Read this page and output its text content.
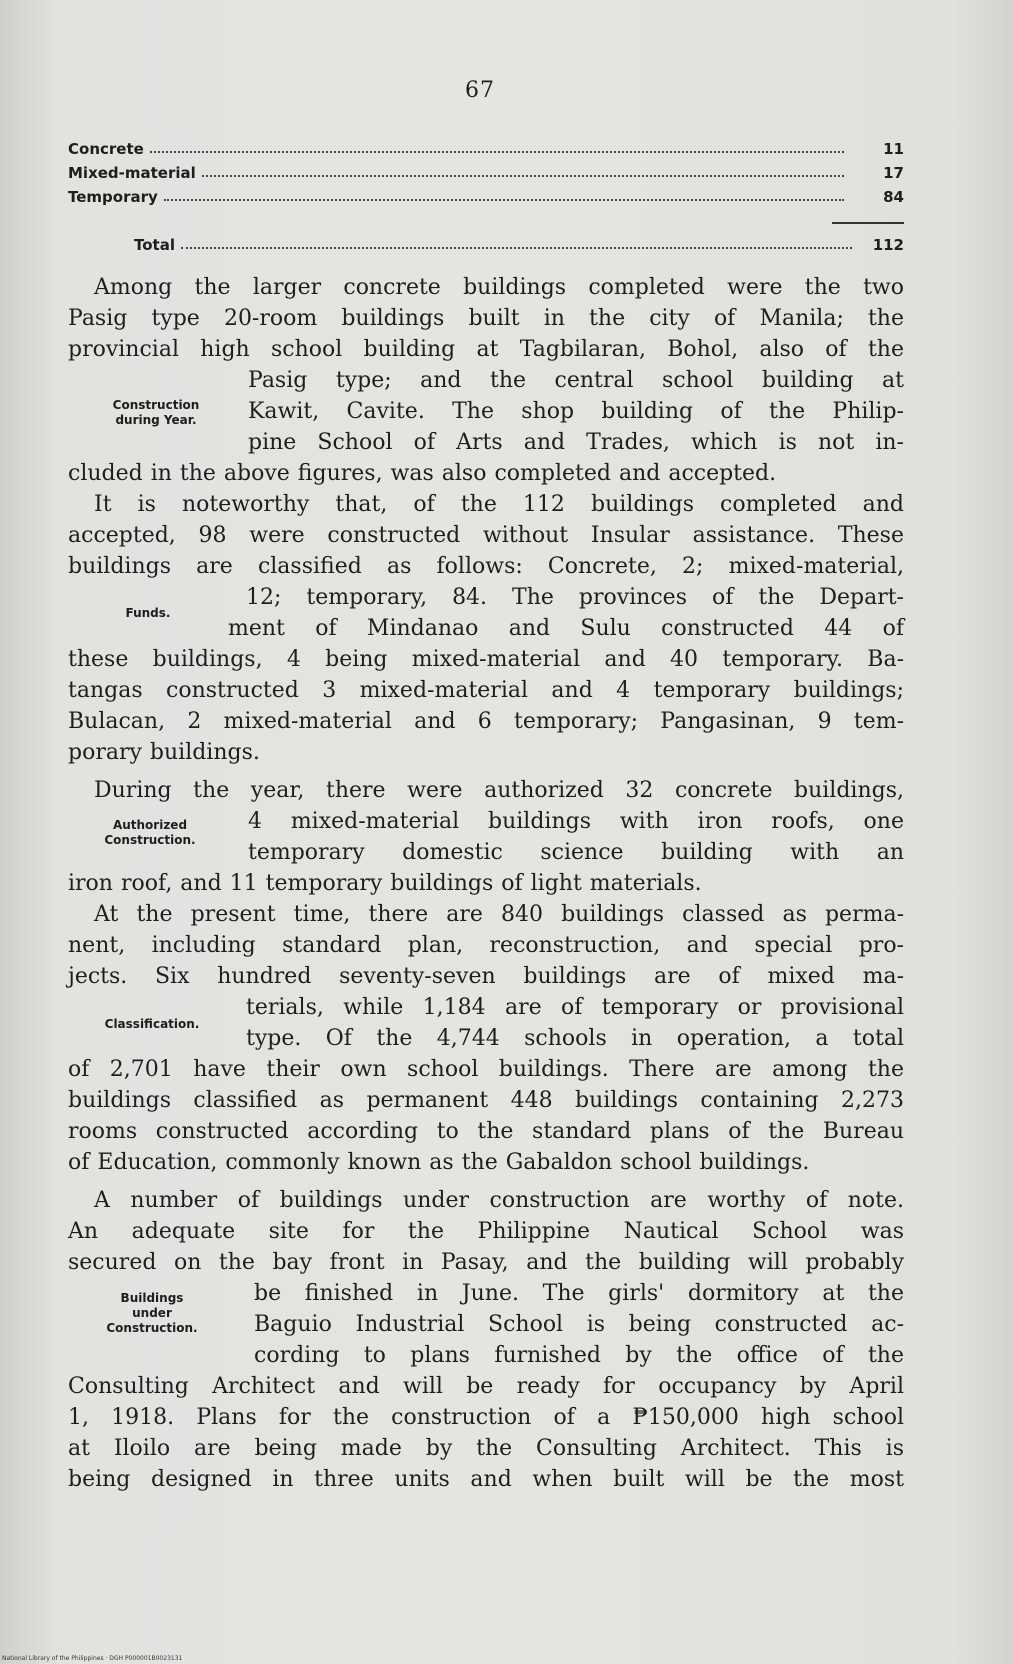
67
Concrete	11
Mixed-material	17
Temporary	84
Total	112

Among the larger concrete buildings completed were the two
Pasig type 20-room buildings built in the city of Manila; the
provincial high school building at Tagbilaran, Bohol, also of the
Pasig type; and the central school building at
Kawit, Cavite. The shop building of the Philip-
pine School of Arts and Trades, which is not in-
cluded in the above figures, was also completed and accepted.

Construction
during Year.
It is noteworthy that, of the 112 buildings completed and
accepted, 98 were constructed without Insular assistance. These
buildings are classified as follows: Concrete, 2; mixed-material,
12; temporary, 84. The provinces of the Depart-
ment of Mindanao and Sulu constructed 44 of
these buildings, 4 being mixed-material and 40 temporary. Ba-
tangas constructed 3 mixed-material and 4 temporary buildings;
Bulacan, 2 mixed-material and 6 temporary; Pangasinan, 9 tem-
porary buildings.
Funds.
During the year, there were authorized 32 concrete buildings,
4 mixed-material buildings with iron roofs, one
temporary domestic science building with an
iron roof, and 11 temporary buildings of light materials.
Authorized
Construction.
At the present time, there are 840 buildings classed as perma-
nent, including standard plan, reconstruction, and special pro-
jects. Six hundred seventy-seven buildings are of mixed ma-
terials, while 1,184 are of temporary or provisional
type. Of the 4,744 schools in operation, a total
of 2,701 have their own school buildings. There are among the
buildings classified as permanent 448 buildings containing 2,273
rooms constructed according to the standard plans of the Bureau
of Education, commonly known as the Gabaldon school buildings.
Classification.
A number of buildings under construction are worthy of note.
An adequate site for the Philippine Nautical School was
secured on the bay front in Pasay, and the building will probably
be finished in June. The girls' dormitory at the
Baguio Industrial School is being constructed ac-
cording to plans furnished by the office of the
Consulting Architect and will be ready for occupancy by April
1, 1918. Plans for the construction of a ₱150,000 high school
at Iloilo are being made by the Consulting Architect. This is
being designed in three units and when built will be the most
Buildings
under
Construction.
National Library of the Philippines · DGH P000001B0023131
